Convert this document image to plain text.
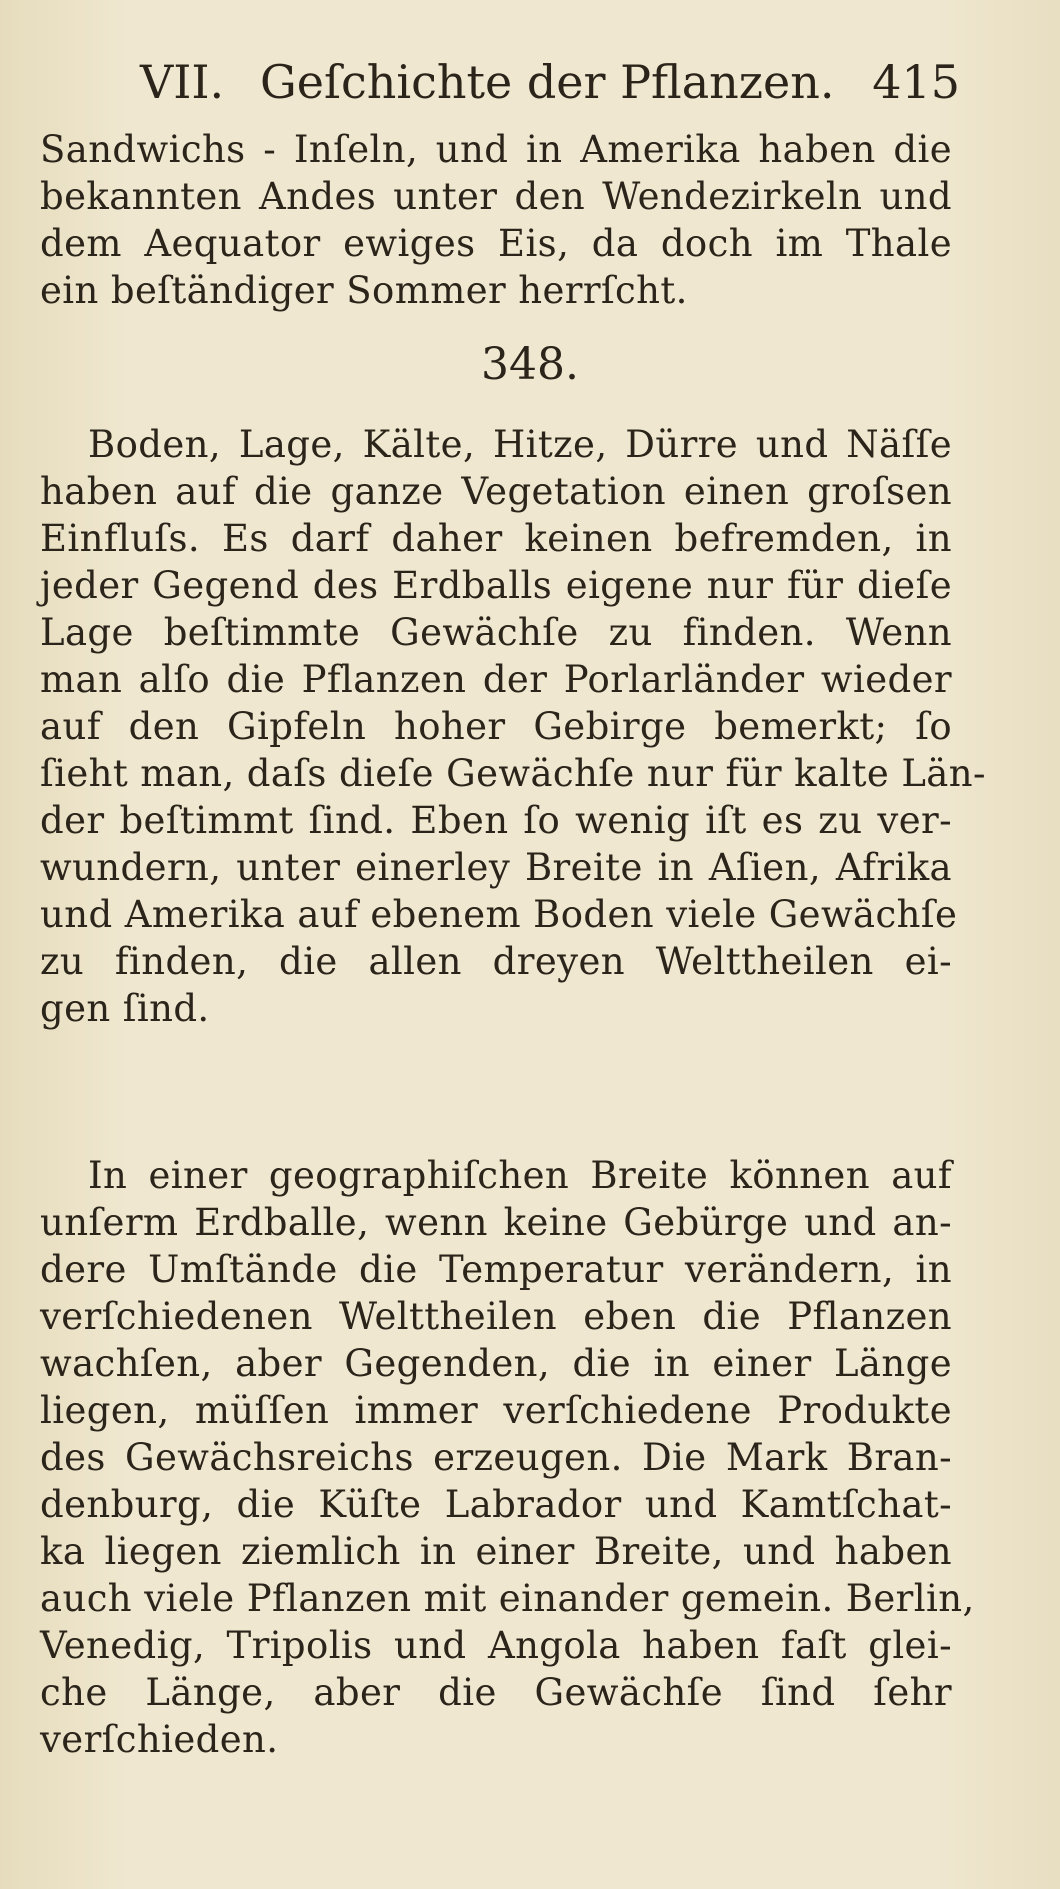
VII. Geſchichte der Pflanzen. 415
Sandwichs - Inſeln, und in Amerika haben die
bekannten Andes unter den Wendezirkeln und
dem Aequator ewiges Eis, da doch im Thale
ein beſtändiger Sommer herrſcht.
348.
Boden, Lage, Kälte, Hitze, Dürre und Näſſe
haben auf die ganze Vegetation einen groſsen
Einfluſs. Es darf daher keinen befremden, in
jeder Gegend des Erdballs eigene nur für dieſe
Lage beſtimmte Gewächſe zu finden. Wenn
man alſo die Pflanzen der Porlarländer wieder
auf den Gipfeln hoher Gebirge bemerkt; ſo
ſieht man, daſs dieſe Gewächſe nur für kalte Län-
der beſtimmt ſind. Eben ſo wenig iſt es zu ver-
wundern, unter einerley Breite in Aſien, Afrika
und Amerika auf ebenem Boden viele Gewächſe
zu finden, die allen dreyen Welttheilen ei-
gen ſind.
In einer geographiſchen Breite können auf
unſerm Erdballe, wenn keine Gebürge und an-
dere Umſtände die Temperatur verändern, in
verſchiedenen Welttheilen eben die Pflanzen
wachſen, aber Gegenden, die in einer Länge
liegen, müſſen immer verſchiedene Produkte
des Gewächsreichs erzeugen. Die Mark Bran-
denburg, die Küſte Labrador und Kamtſchat-
ka liegen ziemlich in einer Breite, und haben
auch viele Pflanzen mit einander gemein. Berlin,
Venedig, Tripolis und Angola haben faſt glei-
che Länge, aber die Gewächſe ſind ſehr
verſchieden.
